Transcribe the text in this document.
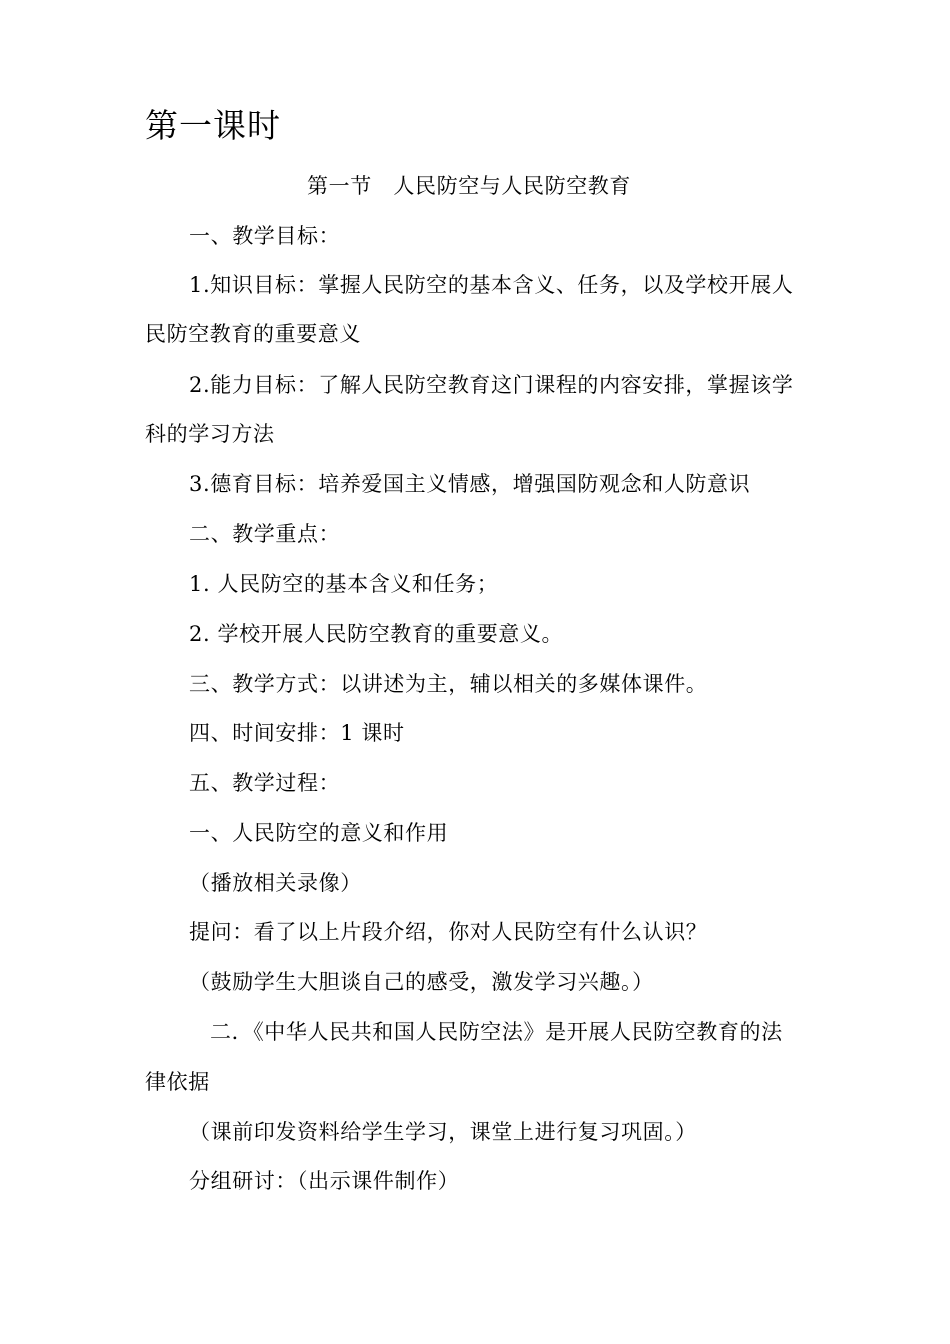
第一课时
第一节　人民防空与人民防空教育
一、教学目标：
1.知识目标：掌握人民防空的基本含义、任务，以及学校开展人
民防空教育的重要意义
2.能力目标：了解人民防空教育这门课程的内容安排，掌握该学
科的学习方法
3.德育目标：培养爱国主义情感，增强国防观念和人防意识
二、教学重点：
1. 人民防空的基本含义和任务；
2. 学校开展人民防空教育的重要意义。
三、教学方式：以讲述为主，辅以相关的多媒体课件。
四、时间安排：1 课时
五、教学过程：
一、人民防空的意义和作用
（播放相关录像）
提问：看了以上片段介绍，你对人民防空有什么认识？
（鼓励学生大胆谈自己的感受，激发学习兴趣。）
二．《中华人民共和国人民防空法》是开展人民防空教育的法
律依据
（课前印发资料给学生学习，课堂上进行复习巩固。）
分组研讨：（出示课件制作）
